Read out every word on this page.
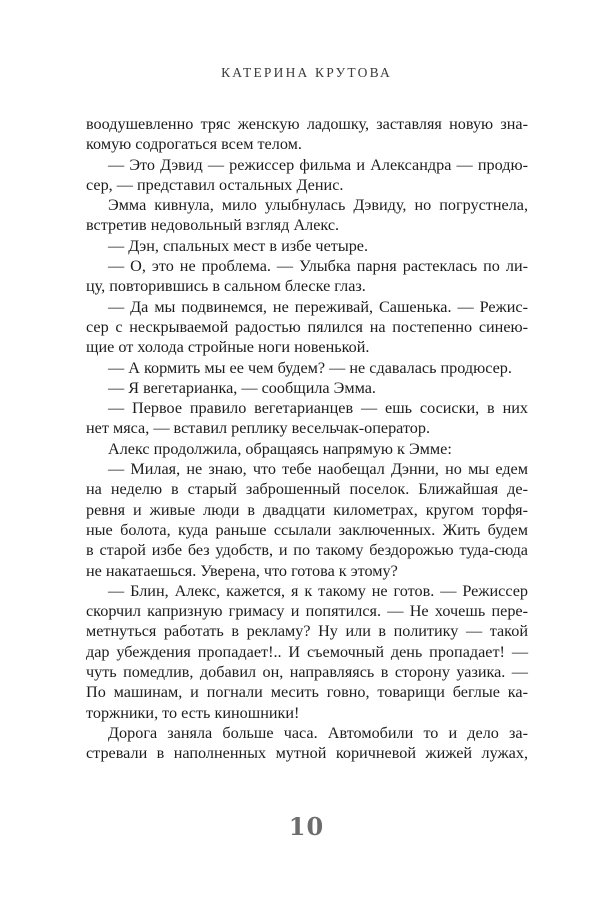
КАТЕРИНА КРУТОВА
воодушевленно тряс женскую ладошку, заставляя новую зна-
комую содрогаться всем телом.
— Это Дэвид — режиссер фильма и Александра — продю-
сер, — представил остальных Денис.
Эмма кивнула, мило улыбнулась Дэвиду, но погрустнела,
встретив недовольный взгляд Алекс.
— Дэн, спальных мест в избе четыре.
— О, это не проблема. — Улыбка парня растеклась по ли-
цу, повторившись в сальном блеске глаз.
— Да мы подвинемся, не переживай, Сашенька. — Режис-
сер с нескрываемой радостью пялился на постепенно синею-
щие от холода стройные ноги новенькой.
— А кормить мы ее чем будем? — не сдавалась продюсер.
— Я вегетарианка, — сообщила Эмма.
— Первое правило вегетарианцев — ешь сосиски, в них
нет мяса, — вставил реплику весельчак-оператор.
Алекс продолжила, обращаясь напрямую к Эмме:
— Милая, не знаю, что тебе наобещал Дэнни, но мы едем
на неделю в старый заброшенный поселок. Ближайшая де-
ревня и живые люди в двадцати километрах, кругом торфя-
ные болота, куда раньше ссылали заключенных. Жить будем
в старой избе без удобств, и по такому бездорожью туда-сюда
не накатаешься. Уверена, что готова к этому?
— Блин, Алекс, кажется, я к такому не готов. — Режиссер
скорчил капризную гримасу и попятился. — Не хочешь пере-
метнуться работать в рекламу? Ну или в политику — такой
дар убеждения пропадает!.. И съемочный день пропадает! —
чуть помедлив, добавил он, направляясь в сторону уазика. —
По машинам, и погнали месить говно, товарищи беглые ка-
торжники, то есть киношники!
Дорога заняла больше часа. Автомобили то и дело за-
стревали в наполненных мутной коричневой жижей лужах,
10
